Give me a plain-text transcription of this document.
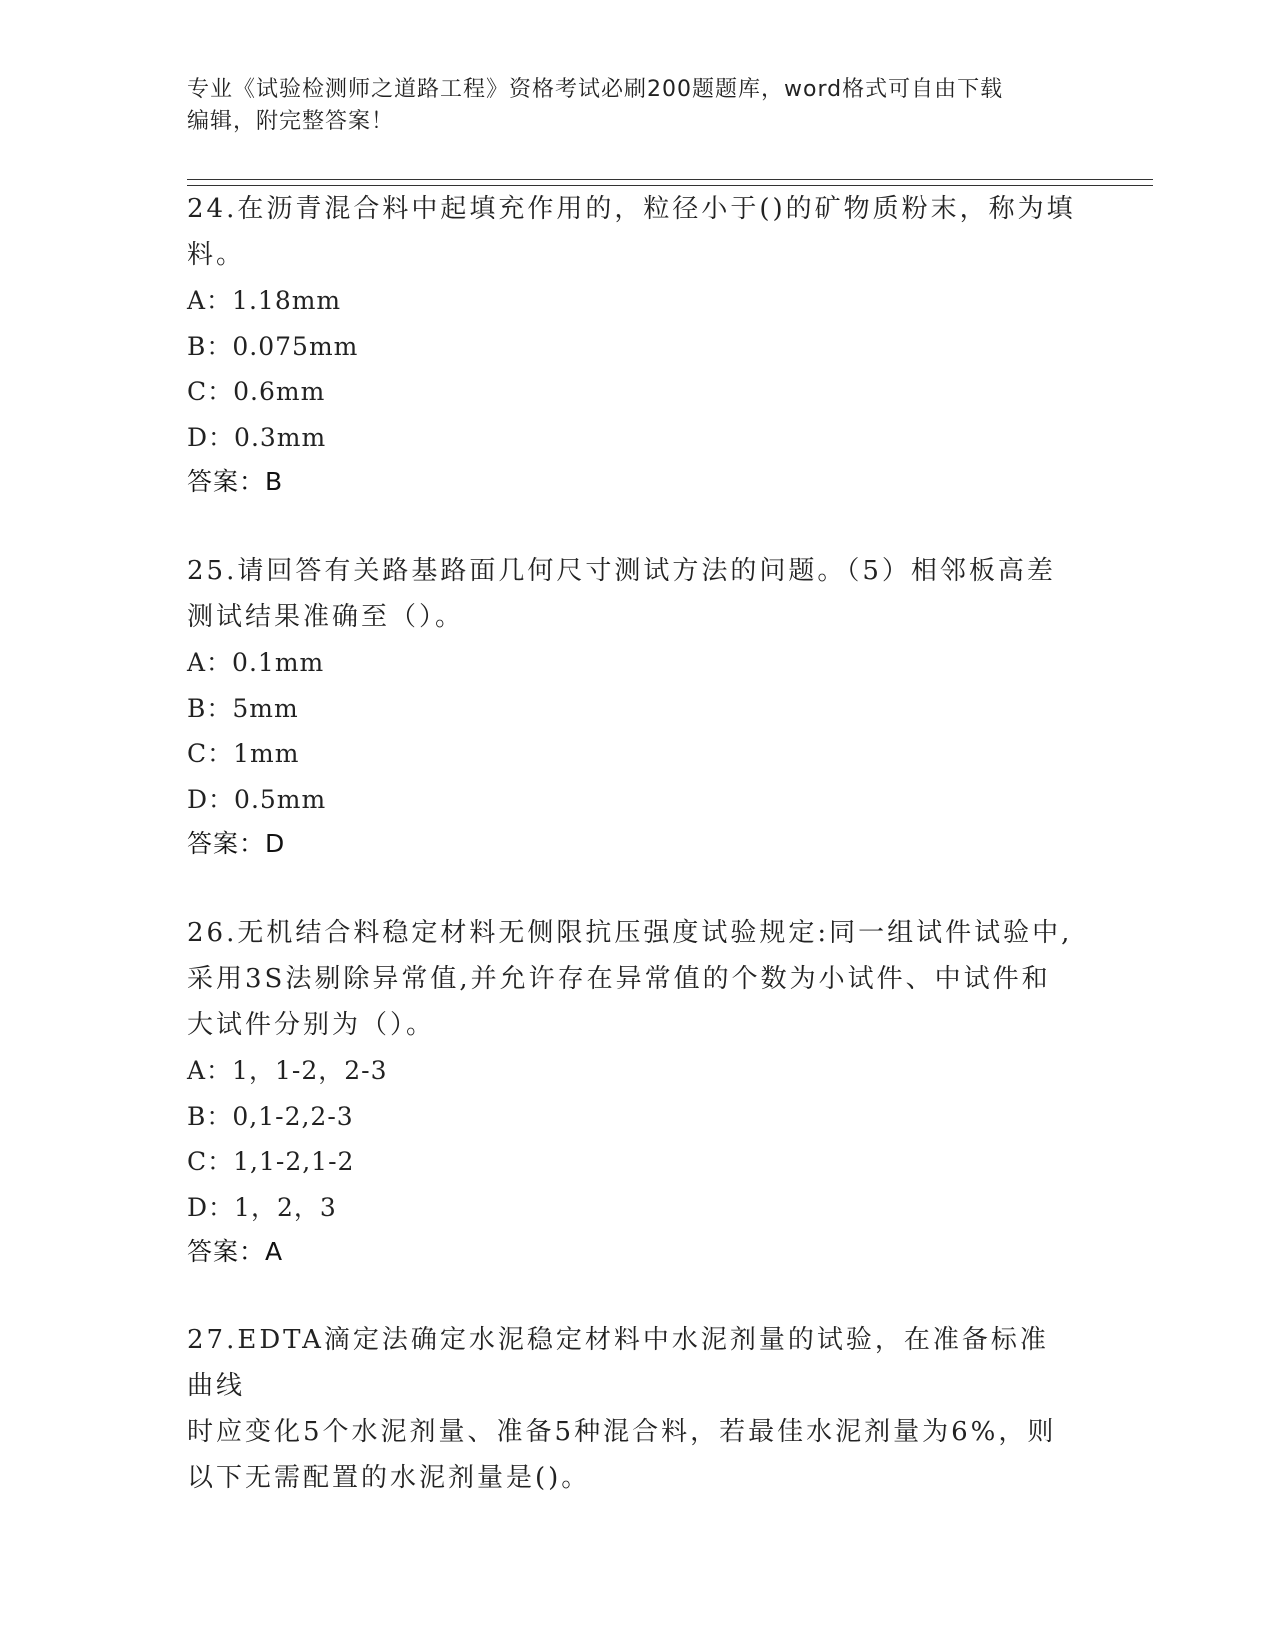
专业《试验检测师之道路工程》资格考试必刷200题题库，word格式可自由下载
编辑，附完整答案！
24.在沥青混合料中起填充作用的，粒径小于()的矿物质粉末，称为填
料。
A：1.18mm
B：0.075mm
C：0.6mm
D：0.3mm
答案：B
25.请回答有关路基路面几何尺寸测试方法的问题。（5）相邻板高差
测试结果准确至（）。
A：0.1mm
B：5mm
C：1mm
D：0.5mm
答案：D
26.无机结合料稳定材料无侧限抗压强度试验规定:同一组试件试验中,
采用3S法剔除异常值,并允许存在异常值的个数为小试件、中试件和
大试件分别为（）。
A：1，1-2，2-3
B：0,1-2,2-3
C：1,1-2,1-2
D：1，2，3
答案：A
27.EDTA滴定法确定水泥稳定材料中水泥剂量的试验，在准备标准曲线
时应变化5个水泥剂量、准备5种混合料，若最佳水泥剂量为6%，则
以下无需配置的水泥剂量是()。
